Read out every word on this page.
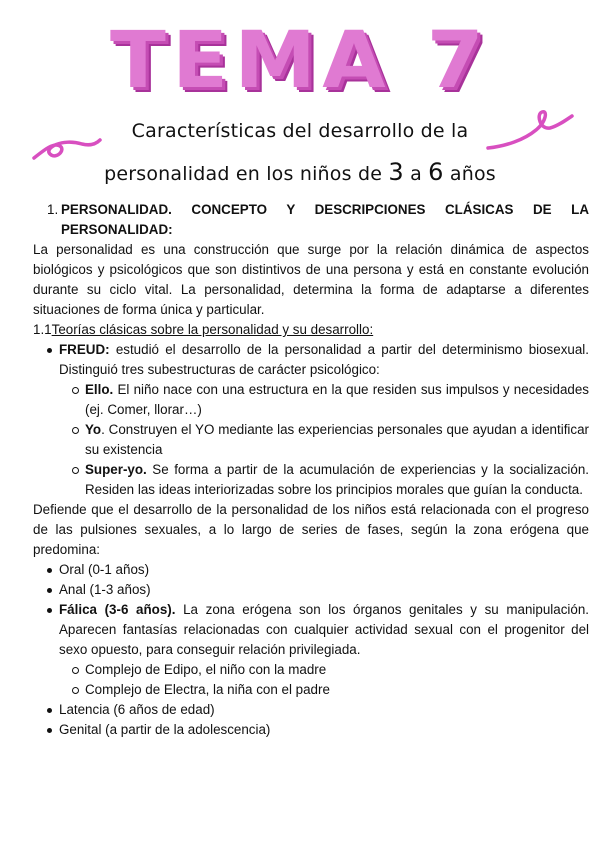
TEMA 7
Características del desarrollo de la
personalidad en los niños de 3 a 6 años
1. PERSONALIDAD. CONCEPTO Y DESCRIPCIONES CLÁSICAS DE LA PERSONALIDAD:

La personalidad es una construcción que surge por la relación dinámica de aspectos biológicos y psicológicos que son distintivos de una persona y está en constante evolución durante su ciclo vital. La personalidad, determina la forma de adaptarse a diferentes situaciones de forma única y particular.

1.1Teorías clásicas sobre la personalidad y su desarrollo:
FREUD: estudió el desarrollo de la personalidad a partir del determinismo biosexual. Distinguió tres subestructuras de carácter psicológico:
Ello. El niño nace con una estructura en la que residen sus impulsos y necesidades (ej. Comer, llorar…)
Yo. Construyen el YO mediante las experiencias personales que ayudan a identificar su existencia
Super-yo. Se forma a partir de la acumulación de experiencias y la socialización. Residen las ideas interiorizadas sobre los principios morales que guían la conducta.

Defiende que el desarrollo de la personalidad de los niños está relacionada con el progreso de las pulsiones sexuales, a lo largo de series de fases, según la zona erógena que predomina:

Oral (0-1 años)
Anal (1-3 años)
Fálica (3-6 años). La zona erógena son los órganos genitales y su manipulación. Aparecen fantasías relacionadas con cualquier actividad sexual con el progenitor del sexo opuesto, para conseguir relación privilegiada.
Complejo de Edipo, el niño con la madre
Complejo de Electra, la niña con el padre
Latencia (6 años de edad)
Genital (a partir de la adolescencia)
